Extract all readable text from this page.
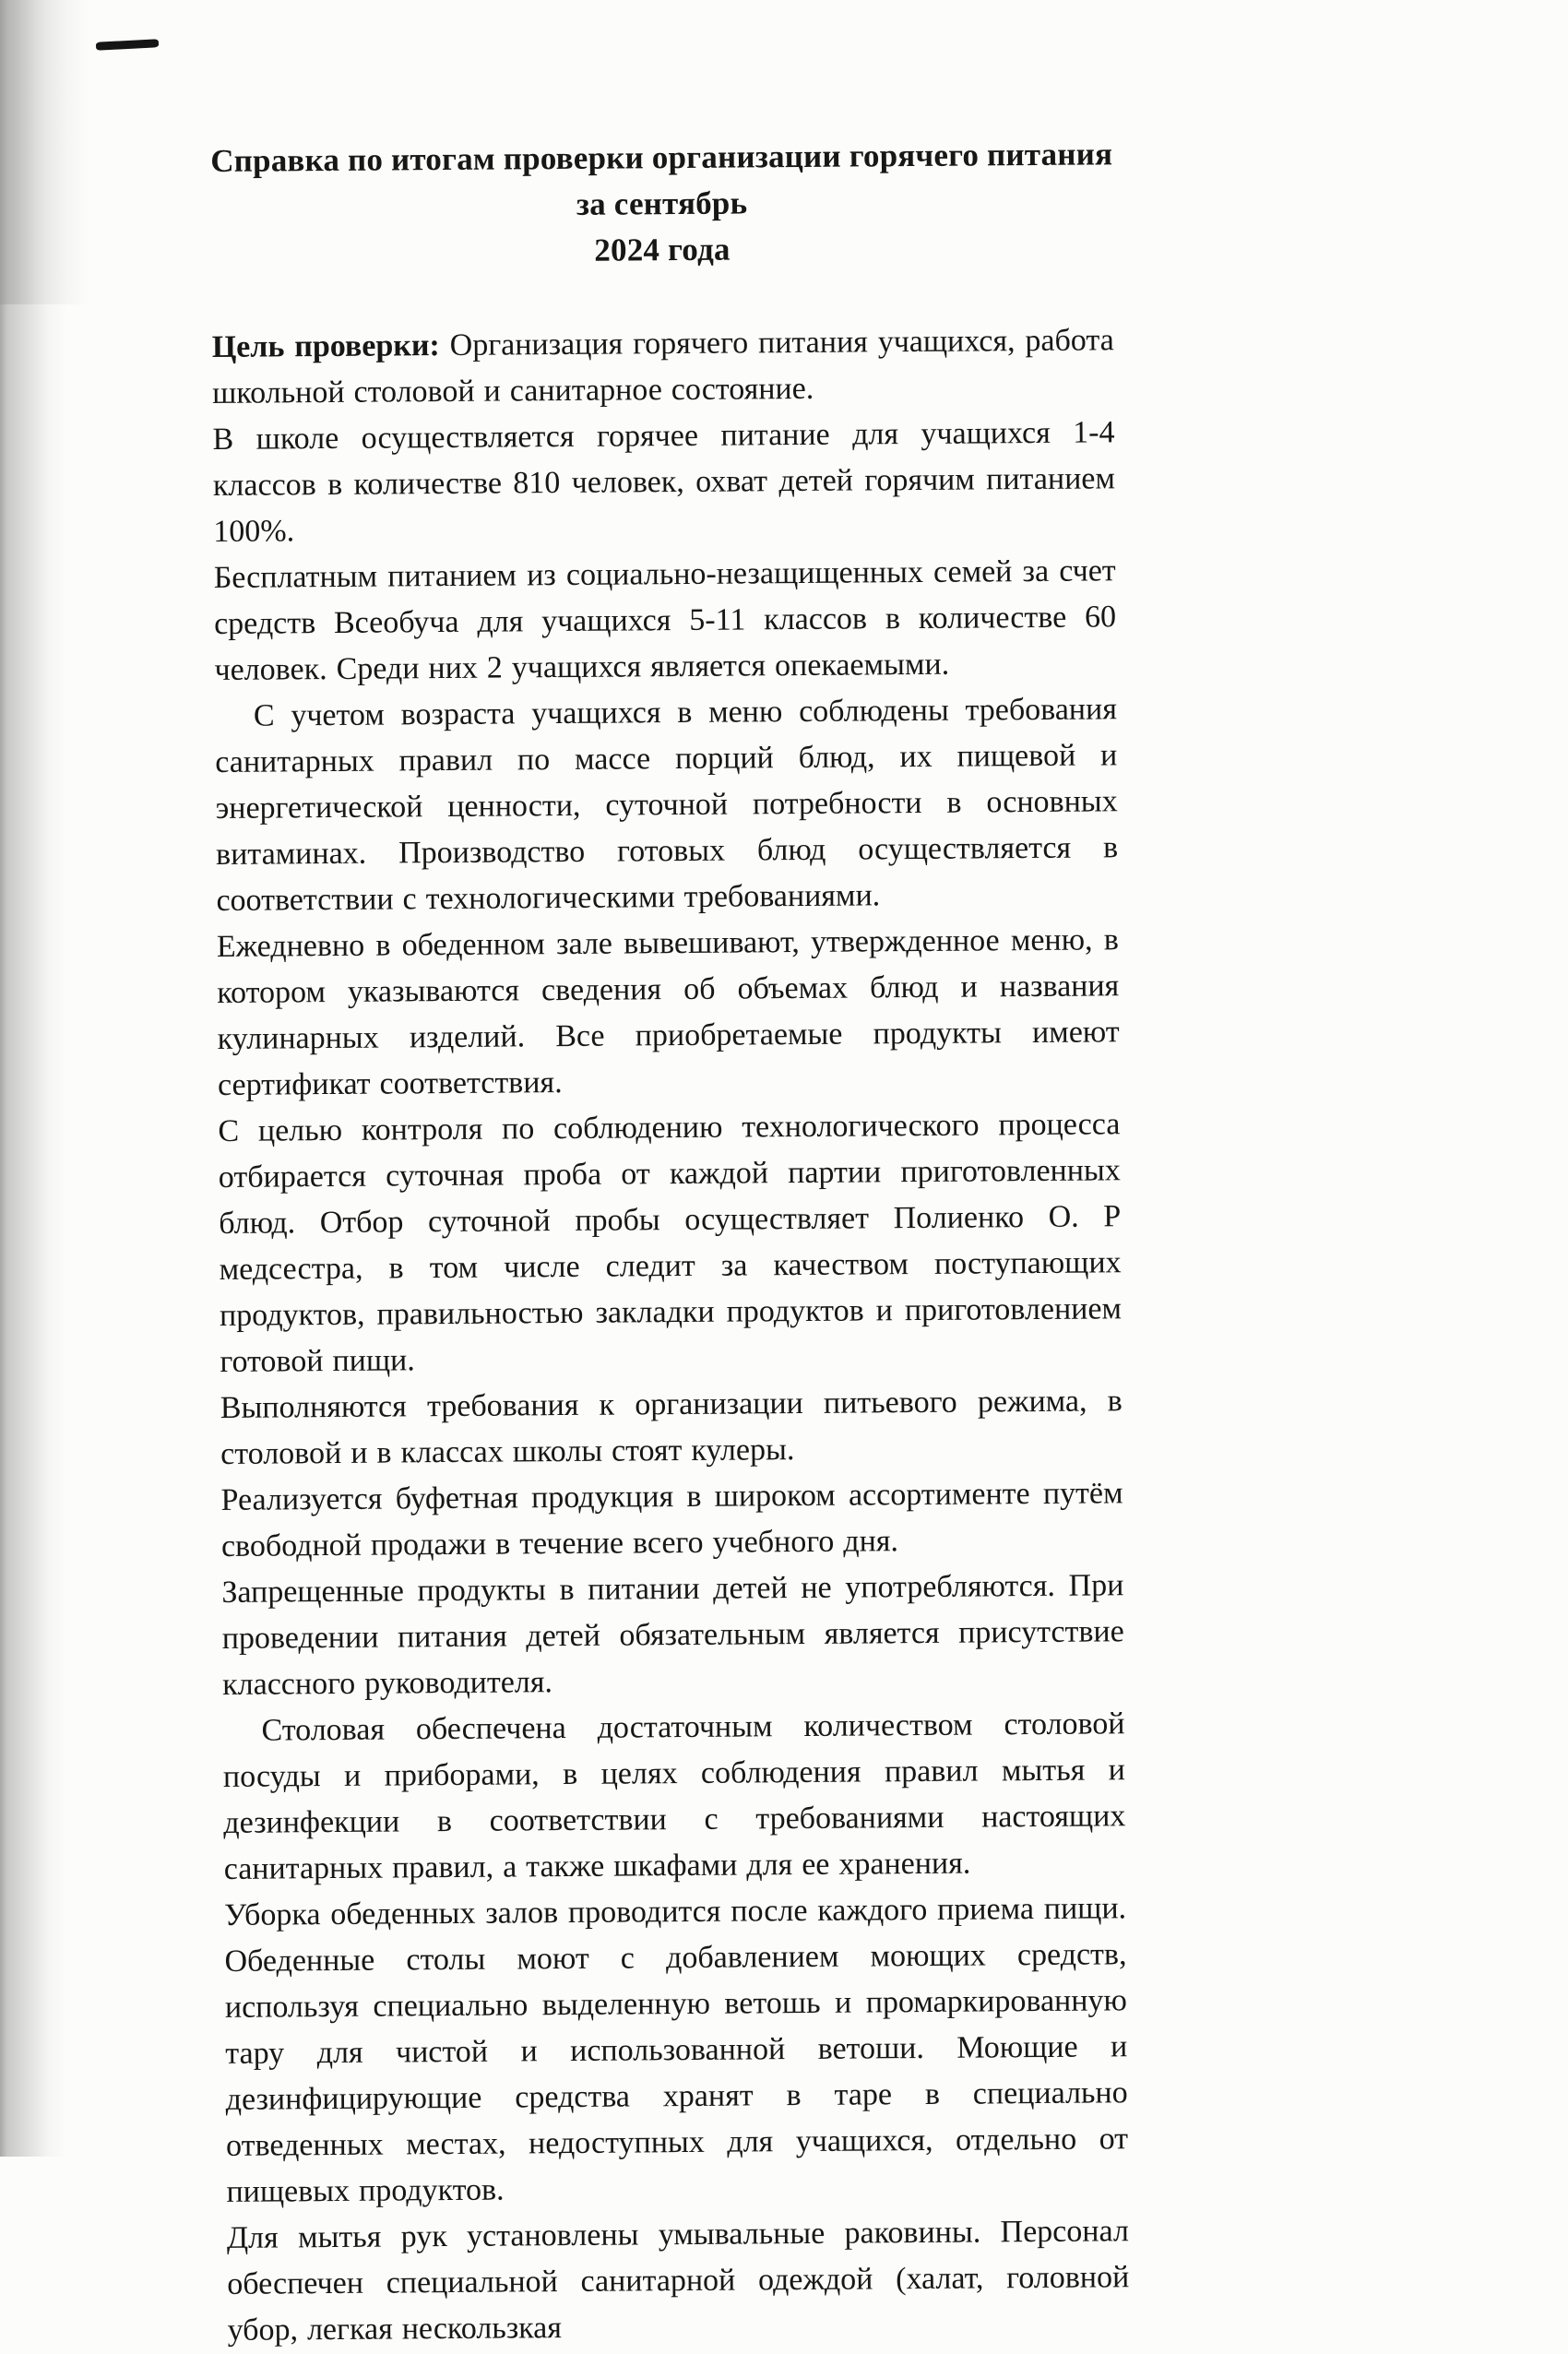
Справка по итогам проверки организации горячего питания за сентябрь
2024 года

Цель проверки: Организация горячего питания учащихся, работа школьной столовой и санитарное состояние.

В школе осуществляется горячее питание для учащихся 1-4 классов в количестве 810 человек, охват детей горячим питанием 100%.

Бесплатным питанием из социально-незащищенных семей за счет средств Всеобуча для учащихся 5-11 классов в количестве 60 человек. Среди них 2 учащихся является опекаемыми.

С учетом возраста учащихся в меню соблюдены требования санитарных правил по массе порций блюд, их пищевой и энергетической ценности, суточной потребности в основных витаминах. Производство готовых блюд осуществляется в соответствии с технологическими требованиями.

Ежедневно в обеденном зале вывешивают, утвержденное меню, в котором указываются сведения об объемах блюд и названия кулинарных изделий. Все приобретаемые продукты имеют сертификат соответствия.

С целью контроля по соблюдению технологического процесса отбирается суточная проба от каждой партии приготовленных блюд. Отбор суточной пробы осуществляет Полиенко О. Р медсестра, в том числе следит за качеством поступающих продуктов, правильностью закладки продуктов и приготовлением готовой пищи.

Выполняются требования к организации питьевого режима, в столовой и в классах школы стоят кулеры.

Реализуется буфетная продукция в широком ассортименте путём свободной продажи в течение всего учебного дня.

Запрещенные продукты в питании детей не употребляются. При проведении питания детей обязательным является присутствие классного руководителя.

Столовая обеспечена достаточным количеством столовой посуды и приборами, в целях соблюдения правил мытья и дезинфекции в соответствии с требованиями настоящих санитарных правил, а также шкафами для ее хранения.

Уборка обеденных залов проводится после каждого приема пищи. Обеденные столы моют с добавлением моющих средств, используя специально выделенную ветошь и промаркированную тару для чистой и использованной ветоши. Моющие и дезинфицирующие средства хранят в таре в специально отведенных местах, недоступных для учащихся, отдельно от пищевых продуктов.

Для мытья рук установлены умывальные раковины. Персонал обеспечен специальной санитарной одеждой (халат, головной убор, легкая нескользкая
